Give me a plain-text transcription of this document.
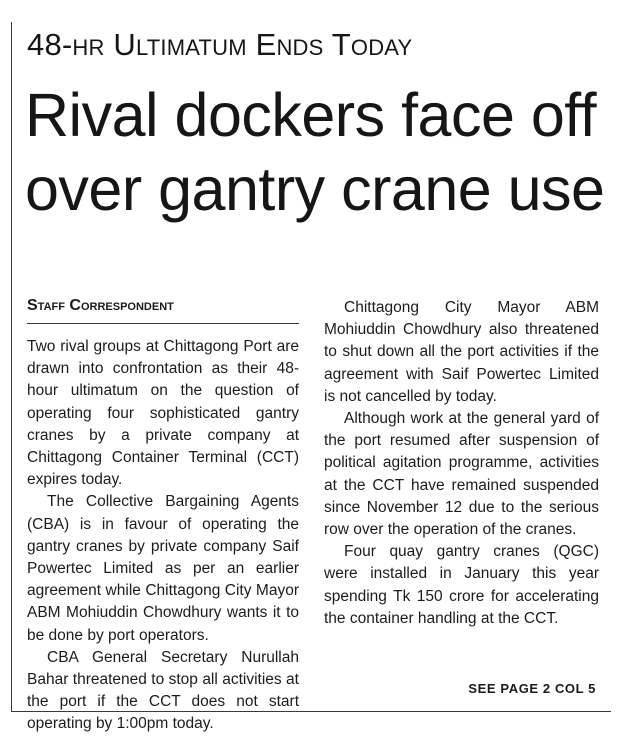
48-hr Ultimatum Ends Today
Rival dockers face off over gantry crane use
Staff Correspondent

Two rival groups at Chittagong Port are drawn into confrontation as their 48-hour ultimatum on the question of operating four sophisticated gantry cranes by a private company at Chittagong Container Terminal (CCT) expires today.

The Collective Bargaining Agents (CBA) is in favour of operating the gantry cranes by private company Saif Powertec Limited as per an earlier agreement while Chittagong City Mayor ABM Mohiuddin Chowdhury wants it to be done by port operators.

CBA General Secretary Nurullah Bahar threatened to stop all activities at the port if the CCT does not start operating by 1:00pm today.

Chittagong City Mayor ABM Mohiuddin Chowdhury also threatened to shut down all the port activities if the agreement with Saif Powertec Limited is not cancelled by today.

Although work at the general yard of the port resumed after suspension of political agitation programme, activities at the CCT have remained suspended since November 12 due to the serious row over the operation of the cranes.

Four quay gantry cranes (QGC) were installed in January this year spending Tk 150 crore for accelerating the container handling at the CCT.

SEE PAGE 2 COL 5
